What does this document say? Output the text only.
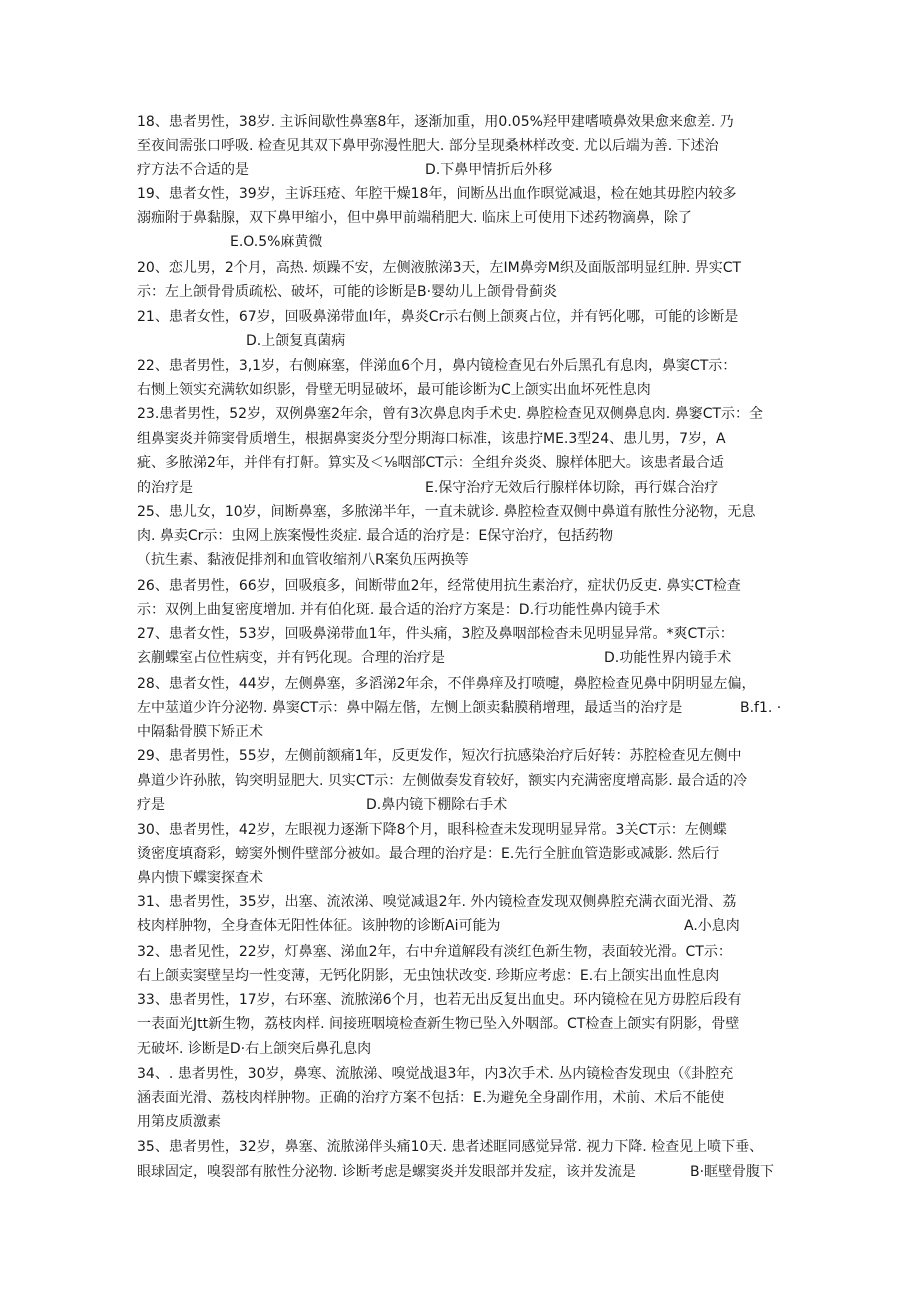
18、患者男性，38岁. 主诉间歇性鼻塞8年，逐渐加重，用0.05%羟甲建嗜喷鼻效果愈来愈差. 乃
至夜间需张口呼吸. 检查见其双下鼻甲弥漫性肥大. 部分呈现桑林样改变. 尤以后端为善. 下述治
疗方法不合适的是	D.下鼻甲情折后外移
19、患者女性，39岁，主诉珏疮、年腔干燥18年，间断丛出血作暝觉减退，检在她其毋腔内较多
溺痂附于鼻黏腺，双下鼻甲缩小，但中鼻甲前端稍肥大. 临床上可使用下述药物滴鼻，除了
E.O.5%麻黄微
20、恋儿男，2个月，高热. 烦躁不安，左侧液脓涕3天，左IM鼻旁M织及面版部明显红肿. 畀实CT
示：左上颌骨骨质疏松、破坏，可能的诊断是B·婴幼儿上颌骨骨蓟炎
21、患者女性，67岁，回吸鼻涕带血I年，鼻炎Cr示右侧上颌爽占位，并有钙化哪，可能的诊断是
D.上颌复真菌病
22、患者男性，3,1岁，右侧麻塞，伴涕血6个月，鼻内镜检查见右外后黑孔有息肉，鼻窦CT示：
右恻上领实充满软如织影，骨壁无明显破坏，最可能诊断为C上颌实出血坏死性息肉
23.患者男性，52岁，双例鼻塞2年余，曾有3次鼻息肉手术史. 鼻腔检查见双侧鼻息肉. 鼻窭CT示：全
组鼻窦炎并筛窦骨质增生，根据鼻窦炎分型分期海口标准，该患拧ME.3型24、患儿男，7岁，A
疵、多脓涕2年，并伴有打鼾。算实及＜⅛咽部CT示：全组弁炎炎、腺样体肥大。该患者最合适
的治疗是	E.保守治疗无效后行腺样体切除，再行媒合治疗
25、患儿女，10岁，间断鼻塞，多脓涕半年，一直未就诊. 鼻腔检查双侧中鼻道有脓性分泌物，无息
肉. 鼻卖Cr示：虫网上族案慢性炎症. 最合适的治疗是：E保守治疗，包括药物
（抗生素、黏液促排剂和血管收缩剂八R案负压两换等
26、患者男性，66岁，回吸痕多，间断带血2年，经常使用抗生素治疗，症状仍反吏. 鼻实CT检查
示：双例上曲复密度增加. 并有伯化斑. 最合适的治疗方案是：D.行功能性鼻内镜手术
27、患者女性，53岁，回吸鼻涕带血1年，件头痛，3腔及鼻咽部检杳未见明显异常。*爽CT示：
玄蒯蝶室占位性病变，并有钙化现。合理的治疗是	D.功能性界内镜手术
28、患者女性，44岁，左侧鼻塞，多滔涕2年余，不伴鼻痒及打喷嚏，鼻腔检查见鼻中阴明显左偏，
左中莁道少许分泌物. 鼻窦CT示：鼻中隔左偕，左恻上颌卖黏膜稍增理，最适当的治疗是	B.f1. ·
中隔黏骨膜下矫正术
29、患者男性，55岁，左侧前额痛1年，反更发作，短次行抗感染治疗后好转：苏腔检查见左侧中
鼻道少许孙脓，钩突明显肥大. 贝实CT示：左侧做奏发育较好，额实内充满密度增高影. 最合适的冷
疗是	D.鼻内镜下棚除右手术
30、患者男性，42岁，左眼视力逐渐下降8个月，眼科检查未发现明显异常。3关CT示：左侧蝶
烫密度填裔彩，螃窦外恻件壁部分被如。最合理的治疗是：E.先行全脏血管造影或减影. 然后行
鼻内愦下蝶窦探查术
31、患者男性，35岁，出塞、流浓涕、嗅觉减退2年. 外内镜检查发现双侧鼻腔充满衣面光滑、荔
枝肉样肿物，全身查体无阳性体征。该肿物的诊断Ai可能为	A.小息肉
32、患者见性，22岁，灯鼻塞、涕血2年，右中弁道解段有淡红色新生物，表面较光滑。CT示：
右上颌卖窦壁呈均一性变薄，无钙化阴影，无虫蚀状改变. 珍斯应考虑：E.右上颌实出血性息肉
33、患者男性，17岁，右环塞、流脓涕6个月，也若无出反复出血史。环内镜检在见方毋腔后段有
一表面光Jtt新生物，荔枝肉样. 间接班咽境检查新生物已坠入外咽部。CT检查上颌实有阴影，骨壁
无破坏. 诊断是D·右上颌突后鼻孔息肉
34、. 患者男性，30岁，鼻寒、流脓涕、嗅觉战退3年，内3次手术. 丛内镜检杳发现虫（《卦腔充
涵表面光滑、荔枝肉样肿物。正确的治疗方案不包括：E.为避免全身副作用，术前、术后不能使
用第皮质激素
35、患者男性，32岁，鼻塞、流脓涕伴头痛10天. 患者述眶同感觉异常. 视力下降. 检查见上喷下垂、
眼球固定，嗅裂部有脓性分泌物. 诊断考虑是螺窦炎并发眼部并发症，该并发流是	B·眶壁骨腹下
